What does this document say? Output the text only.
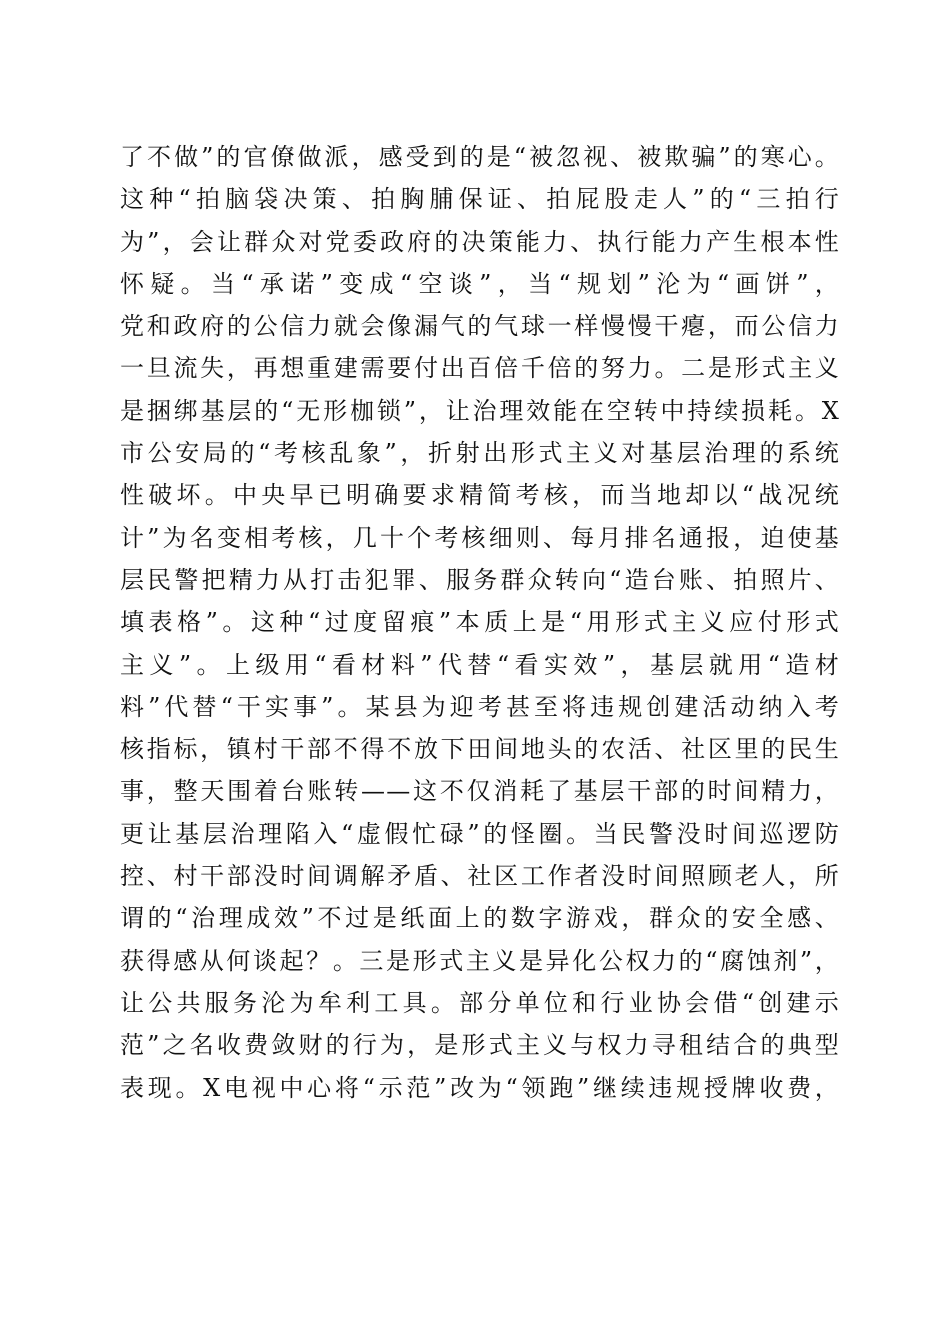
了不做”的官僚做派，感受到的是“被忽视、被欺骗”的寒心。
这种“拍脑袋决策、拍胸脯保证、拍屁股走人”的“三拍行
为”，会让群众对党委政府的决策能力、执行能力产生根本性
怀疑。当“承诺”变成“空谈”，当“规划”沦为“画饼”，
党和政府的公信力就会像漏气的气球一样慢慢干瘪，而公信力
一旦流失，再想重建需要付出百倍千倍的努力。二是形式主义
是捆绑基层的“无形枷锁”，让治理效能在空转中持续损耗。X
市公安局的“考核乱象”，折射出形式主义对基层治理的系统
性破坏。中央早已明确要求精简考核，而当地却以“战况统
计”为名变相考核，几十个考核细则、每月排名通报，迫使基
层民警把精力从打击犯罪、服务群众转向“造台账、拍照片、
填表格”。这种“过度留痕”本质上是“用形式主义应付形式
主义”。上级用“看材料”代替“看实效”，基层就用“造材
料”代替“干实事”。某县为迎考甚至将违规创建活动纳入考
核指标，镇村干部不得不放下田间地头的农活、社区里的民生
事，整天围着台账转——这不仅消耗了基层干部的时间精力，
更让基层治理陷入“虚假忙碌”的怪圈。当民警没时间巡逻防
控、村干部没时间调解矛盾、社区工作者没时间照顾老人，所
谓的“治理成效”不过是纸面上的数字游戏，群众的安全感、
获得感从何谈起？。三是形式主义是异化公权力的“腐蚀剂”，
让公共服务沦为牟利工具。部分单位和行业协会借“创建示
范”之名收费敛财的行为，是形式主义与权力寻租结合的典型
表现。X电视中心将“示范”改为“领跑”继续违规授牌收费，
